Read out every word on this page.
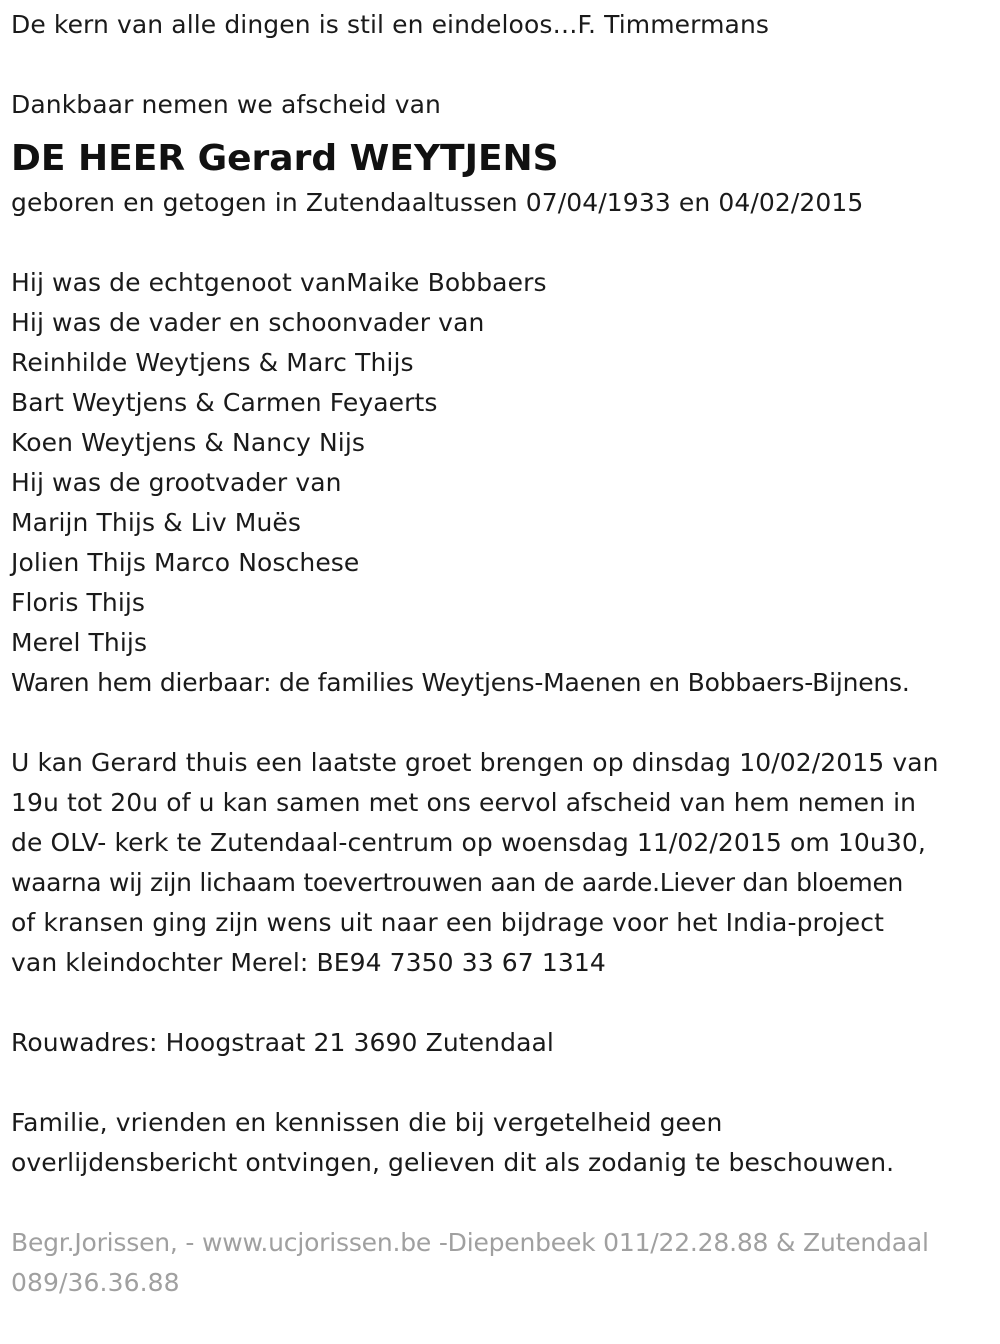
De kern van alle dingen is stil en eindeloos…F. Timmermans
Dankbaar nemen we afscheid van
DE HEER Gerard WEYTJENS
geboren en getogen in Zutendaaltussen 07/04/1933 en 04/02/2015
Hij was de echtgenoot vanMaike Bobbaers
Hij was de vader en schoonvader van
Reinhilde Weytjens & Marc Thijs
Bart Weytjens & Carmen Feyaerts
Koen Weytjens & Nancy Nijs
Hij was de grootvader van
Marijn Thijs & Liv Muës
Jolien Thijs Marco Noschese
Floris Thijs
Merel Thijs
Waren hem dierbaar: de families Weytjens-Maenen en Bobbaers-Bijnens.
U kan Gerard thuis een laatste groet brengen op dinsdag 10/02/2015 van
19u tot 20u of u kan samen met ons eervol afscheid van hem nemen in
de OLV- kerk te Zutendaal-centrum op woensdag 11/02/2015 om 10u30,
waarna wij zijn lichaam toevertrouwen aan de aarde.Liever dan bloemen
of kransen ging zijn wens uit naar een bijdrage voor het India-project
van kleindochter Merel: BE94 7350 33 67 1314
Rouwadres: Hoogstraat 21 3690 Zutendaal
Familie, vrienden en kennissen die bij vergetelheid geen
overlijdensbericht ontvingen, gelieven dit als zodanig te beschouwen.
Begr.Jorissen, - www.ucjorissen.be -Diepenbeek 011/22.28.88 & Zutendaal
089/36.36.88
